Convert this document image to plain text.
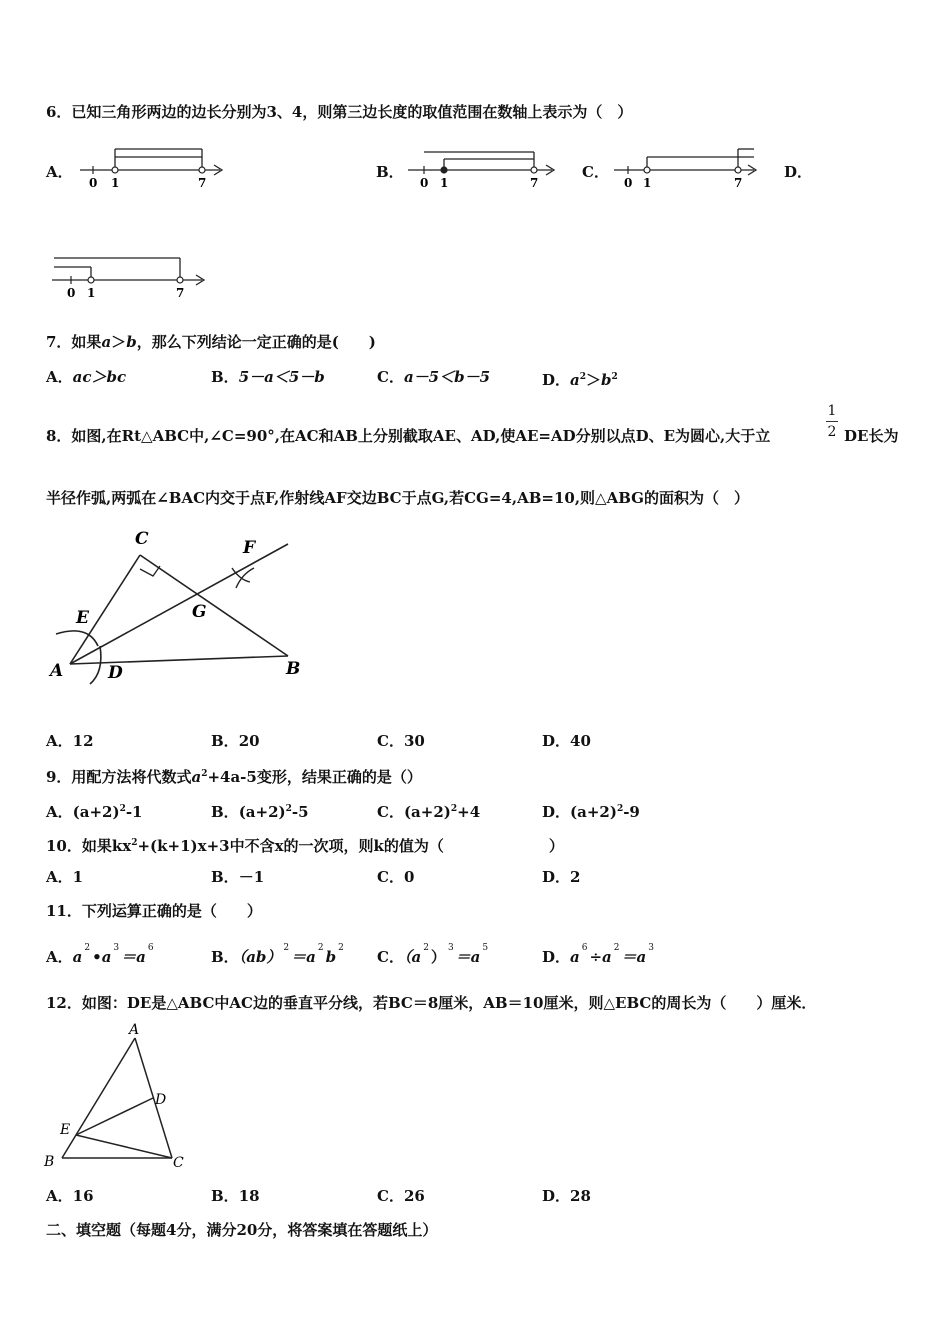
6．已知三角形两边的边长分别为3、4，则第三边长度的取值范围在数轴上表示为（　）
A．
0 1	7
B．
0 1	7
C．
0 1	7
D．
0 1	7
7．如果a＞b，那么下列结论一定正确的是(　　)
A．ac＞bc	B．5－a＜5－b	C．a－5＜b－5	D．$a^2>b^2$
8．如图,在Rt△ABC中,∠C=90°,在AC和AB上分别截取AE、AD,使AE=AD分别以点D、E为圆心,大于立
1
2 DE长为
半径作弧,两弧在∠BAC内交于点F,作射线AF交边BC于点G,若CG=4,AB=10,则△ABG的面积为（　）
C	F
E	G
A	D	B
A．12	B．20	C．30	D．40
9．用配方法将代数式$a^2+4a-5$变形，结果正确的是（）
A．$(a+2)^2-1$	B．$(a+2)^2-5$	C．$(a+2)^2+4$	D．$(a+2)^2-9$
10．如果$kx^2+(k+1)x+3$中不含x的一次项，则k的值为（　　　　　　　）
A．1	B．－1	C．0	D．2
11．下列运算正确的是（　　）
A．a $^2$ •a $^3$ ＝a $^6$	B．（ab） $^2$ ＝a $^2$ b $^2$ C．（a $^2$ ） $^3$ ＝a $^5$	D．a $^6$ ÷a $^2$ ＝a $^3$
12．如图：DE是△ABC中AC边的垂直平分线，若BC＝8厘米，AB＝10厘米，则△EBC的周长为（　　）厘米．
A
D
E
B	C
A．16	B．18	C．26	D．28
二、填空题（每题4分，满分20分，将答案填在答题纸上）
